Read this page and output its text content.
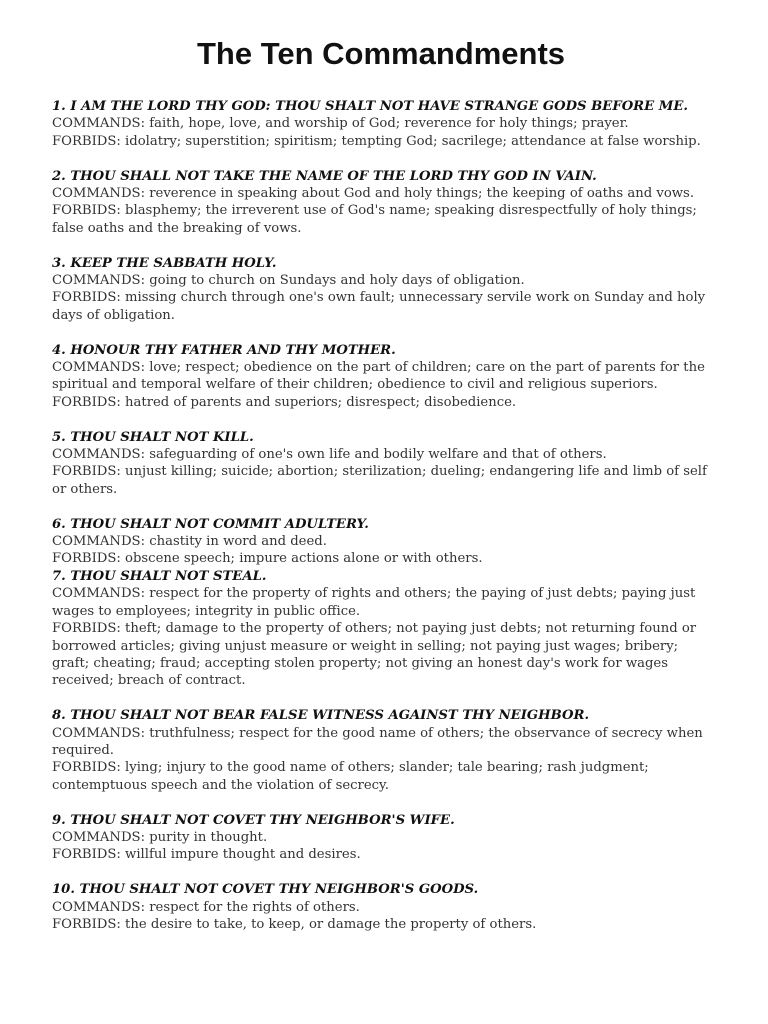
The Ten Commandments
1. I AM THE LORD THY GOD: THOU SHALT NOT HAVE STRANGE GODS BEFORE ME.
COMMANDS: faith, hope, love, and worship of God; reverence for holy things; prayer.
FORBIDS: idolatry; superstition; spiritism; tempting God; sacrilege; attendance at false worship.
2. THOU SHALL NOT TAKE THE NAME OF THE LORD THY GOD IN VAIN.
COMMANDS: reverence in speaking about God and holy things; the keeping of oaths and vows.
FORBIDS: blasphemy; the irreverent use of God's name; speaking disrespectfully of holy things; false oaths and the breaking of vows.
3. KEEP THE SABBATH HOLY.
COMMANDS: going to church on Sundays and holy days of obligation.
FORBIDS: missing church through one's own fault; unnecessary servile work on Sunday and holy days of obligation.
4. HONOUR THY FATHER AND THY MOTHER.
COMMANDS: love; respect; obedience on the part of children; care on the part of parents for the spiritual and temporal welfare of their children; obedience to civil and religious superiors.
FORBIDS: hatred of parents and superiors; disrespect; disobedience.
5. THOU SHALT NOT KILL.
COMMANDS: safeguarding of one's own life and bodily welfare and that of others.
FORBIDS: unjust killing; suicide; abortion; sterilization; dueling; endangering life and limb of self or others.
6. THOU SHALT NOT COMMIT ADULTERY.
COMMANDS: chastity in word and deed.
FORBIDS: obscene speech; impure actions alone or with others.
7. THOU SHALT NOT STEAL.
COMMANDS: respect for the property of rights and others; the paying of just debts; paying just wages to employees; integrity in public office.
FORBIDS: theft; damage to the property of others; not paying just debts; not returning found or borrowed articles; giving unjust measure or weight in selling; not paying just wages; bribery; graft; cheating; fraud; accepting stolen property; not giving an honest day's work for wages received; breach of contract.
8. THOU SHALT NOT BEAR FALSE WITNESS AGAINST THY NEIGHBOR.
COMMANDS: truthfulness; respect for the good name of others; the observance of secrecy when required.
FORBIDS: lying; injury to the good name of others; slander; tale bearing; rash judgment; contemptuous speech and the violation of secrecy.
9. THOU SHALT NOT COVET THY NEIGHBOR'S WIFE.
COMMANDS: purity in thought.
FORBIDS: willful impure thought and desires.
10. THOU SHALT NOT COVET THY NEIGHBOR'S GOODS.
COMMANDS: respect for the rights of others.
FORBIDS: the desire to take, to keep, or damage the property of others.
